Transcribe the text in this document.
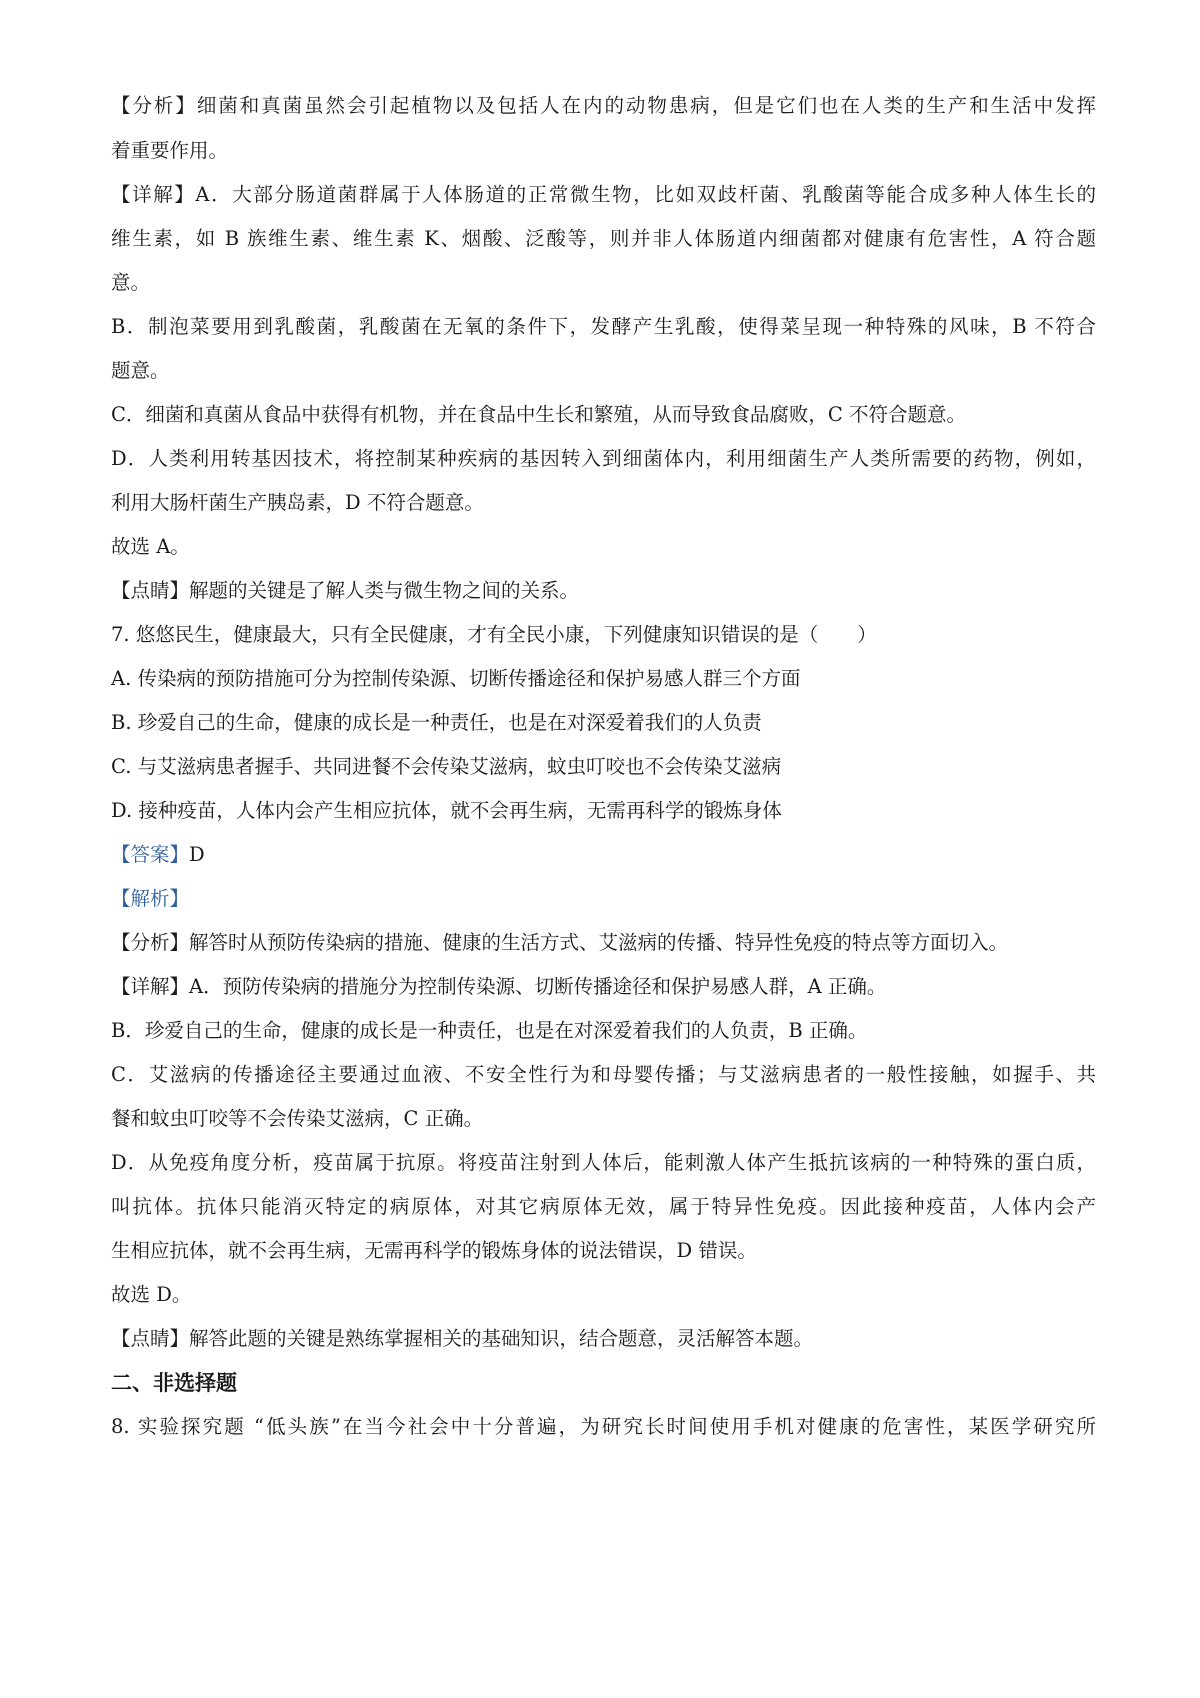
【分析】细菌和真菌虽然会引起植物以及包括人在内的动物患病，但是它们也在人类的生产和生活中发挥
着重要作用。
【详解】A．大部分肠道菌群属于人体肠道的正常微生物，比如双歧杆菌、乳酸菌等能合成多种人体生长的
维生素，如 B 族维生素、维生素 K、烟酸、泛酸等，则并非人体肠道内细菌都对健康有危害性，A 符合题
意。
B．制泡菜要用到乳酸菌，乳酸菌在无氧的条件下，发酵产生乳酸，使得菜呈现一种特殊的风味，B 不符合
题意。
C．细菌和真菌从食品中获得有机物，并在食品中生长和繁殖，从而导致食品腐败，C 不符合题意。
D．人类利用转基因技术，将控制某种疾病的基因转入到细菌体内，利用细菌生产人类所需要的药物，例如，
利用大肠杆菌生产胰岛素，D 不符合题意。
故选 A。
【点睛】解题的关键是了解人类与微生物之间的关系。
7. 悠悠民生，健康最大，只有全民健康，才有全民小康，下列健康知识错误的是（　　）
A. 传染病的预防措施可分为控制传染源、切断传播途径和保护易感人群三个方面
B. 珍爱自己的生命，健康的成长是一种责任，也是在对深爱着我们的人负责
C. 与艾滋病患者握手、共同进餐不会传染艾滋病，蚊虫叮咬也不会传染艾滋病
D. 接种疫苗，人体内会产生相应抗体，就不会再生病，无需再科学的锻炼身体
【答案】D
【解析】
【分析】解答时从预防传染病的措施、健康的生活方式、艾滋病的传播、特异性免疫的特点等方面切入。
【详解】A．预防传染病的措施分为控制传染源、切断传播途径和保护易感人群，A 正确。
B．珍爱自己的生命，健康的成长是一种责任，也是在对深爱着我们的人负责，B 正确。
C．艾滋病的传播途径主要通过血液、不安全性行为和母婴传播；与艾滋病患者的一般性接触，如握手、共
餐和蚊虫叮咬等不会传染艾滋病，C 正确。
D．从免疫角度分析，疫苗属于抗原。将疫苗注射到人体后，能刺激人体产生抵抗该病的一种特殊的蛋白质，
叫抗体。抗体只能消灭特定的病原体，对其它病原体无效，属于特异性免疫。因此接种疫苗，人体内会产
生相应抗体，就不会再生病，无需再科学的锻炼身体的说法错误，D 错误。
故选 D。
【点睛】解答此题的关键是熟练掌握相关的基础知识，结合题意，灵活解答本题。
二、非选择题
8. 实验探究题 “低头族”在当今社会中十分普遍，为研究长时间使用手机对健康的危害性，某医学研究所
